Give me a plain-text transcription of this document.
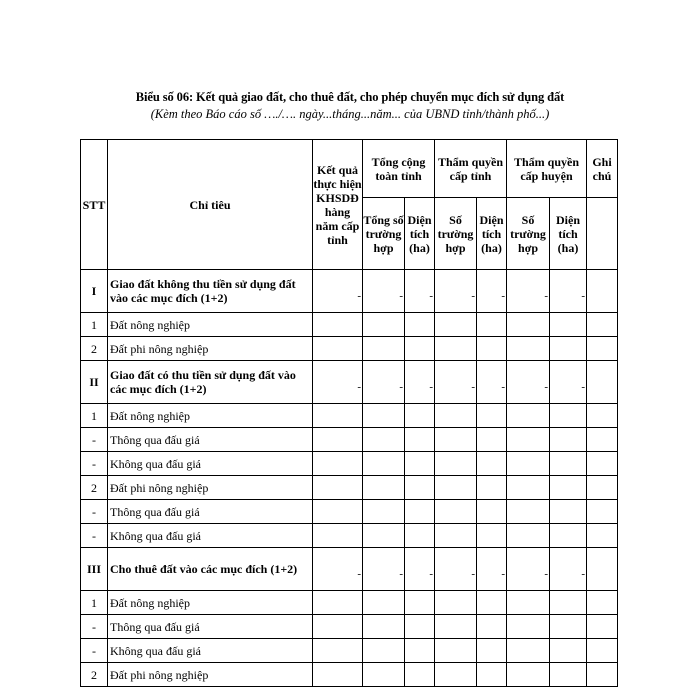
Biểu số 06: Kết quả giao đất, cho thuê đất, cho phép chuyển mục đích sử dụng đất
(Kèm theo Báo cáo số …./…. ngày...tháng...năm... của UBND tỉnh/thành phố...)
STT	Chỉ tiêu	Kết quả thực hiện KHSDĐ hàng năm cấp tỉnh	Tổng cộng toàn tỉnh		Thẩm quyền cấp tỉnh		Thẩm quyền cấp huyện		Ghi chú
			Tổng số trường hợp	Diện tích (ha)	Số trường hợp	Diện tích (ha)	Số trường hợp	Diện tích (ha)	
I	Giao đất không thu tiền sử dụng đất vào các mục đích (1+2)	-	-	-	-	-	-	-	

1	Đất nông nghiệp								
2	Đất phi nông nghiệp								
II	Giao đất có thu tiền sử dụng đất vào các mục đích (1+2)	-	-	-	-	-	-	-	

1	Đất nông nghiệp								
-	Thông qua đấu giá								
-	Không qua đấu giá								
2	Đất phi nông nghiệp								
-	Thông qua đấu giá								
-	Không qua đấu giá								
III	Cho thuê đất vào các mục đích (1+2)	-	-	-	-	-	-	-	

1	Đất nông nghiệp								
-	Thông qua đấu giá								
-	Không qua đấu giá								
2	Đất phi nông nghiệp								
